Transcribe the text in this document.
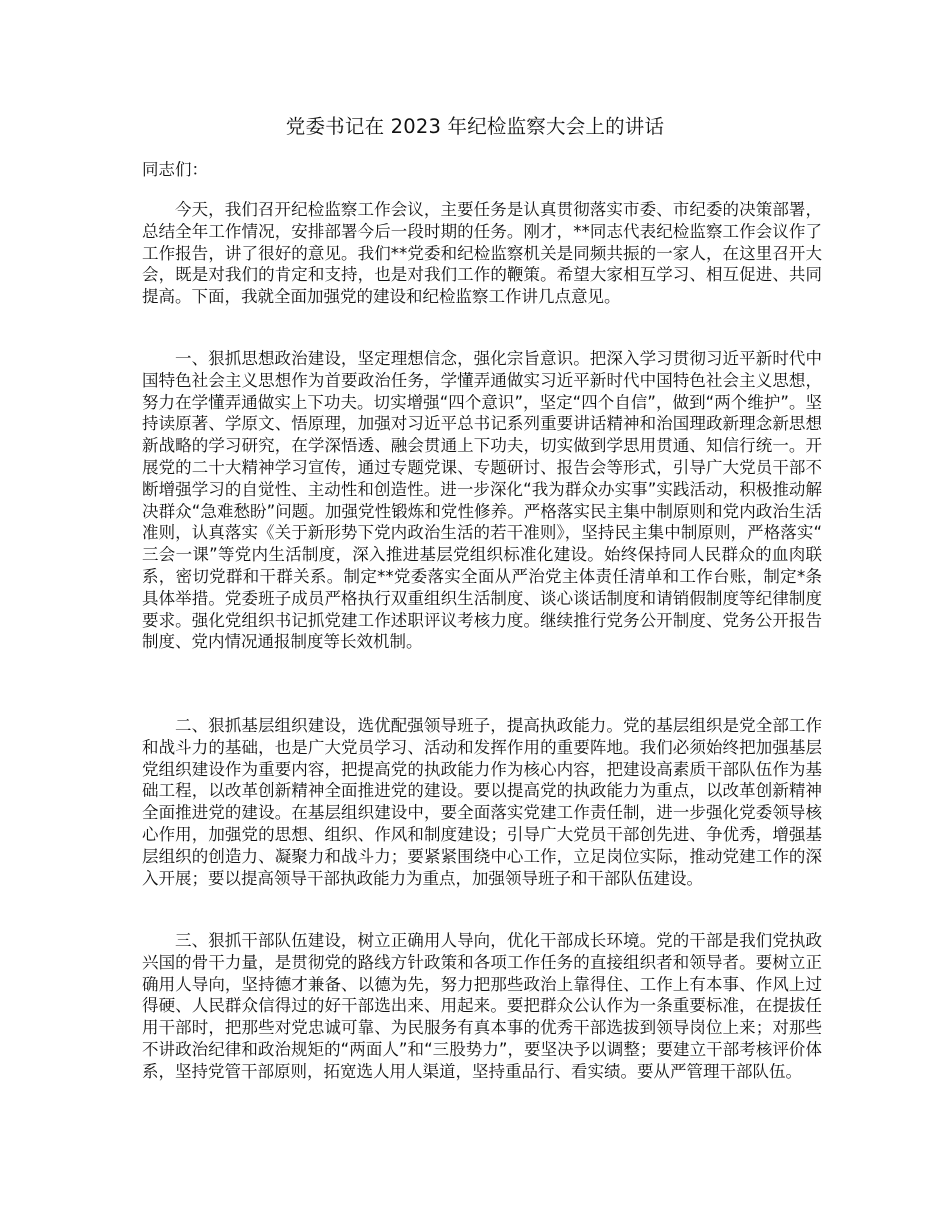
党委书记在 2023 年纪检监察大会上的讲话

同志们：

今天，我们召开纪检监察工作会议，主要任务是认真贯彻落实市委、市纪委的决策部署，总结全年工作情况，安排部署今后一段时期的任务。刚才，**同志代表纪检监察工作会议作了工作报告，讲了很好的意见。我们**党委和纪检监察机关是同频共振的一家人，在这里召开大会，既是对我们的肯定和支持，也是对我们工作的鞭策。希望大家相互学习、相互促进、共同提高。下面，我就全面加强党的建设和纪检监察工作讲几点意见。

一、狠抓思想政治建设，坚定理想信念，强化宗旨意识。把深入学习贯彻习近平新时代中国特色社会主义思想作为首要政治任务，学懂弄通做实习近平新时代中国特色社会主义思想，努力在学懂弄通做实上下功夫。切实增强“四个意识”，坚定“四个自信”，做到“两个维护”。坚持读原著、学原文、悟原理，加强对习近平总书记系列重要讲话精神和治国理政新理念新思想新战略的学习研究，在学深悟透、融会贯通上下功夫，切实做到学思用贯通、知信行统一。开展党的二十大精神学习宣传，通过专题党课、专题研讨、报告会等形式，引导广大党员干部不断增强学习的自觉性、主动性和创造性。进一步深化“我为群众办实事”实践活动，积极推动解决群众“急难愁盼”问题。加强党性锻炼和党性修养。严格落实民主集中制原则和党内政治生活准则，认真落实《关于新形势下党内政治生活的若干准则》，坚持民主集中制原则，严格落实“三会一课”等党内生活制度，深入推进基层党组织标准化建设。始终保持同人民群众的血肉联系，密切党群和干群关系。制定**党委落实全面从严治党主体责任清单和工作台账，制定*条具体举措。党委班子成员严格执行双重组织生活制度、谈心谈话制度和请销假制度等纪律制度要求。强化党组织书记抓党建工作述职评议考核力度。继续推行党务公开制度、党务公开报告制度、党内情况通报制度等长效机制。

二、狠抓基层组织建设，选优配强领导班子，提高执政能力。党的基层组织是党全部工作和战斗力的基础，也是广大党员学习、活动和发挥作用的重要阵地。我们必须始终把加强基层党组织建设作为重要内容，把提高党的执政能力作为核心内容，把建设高素质干部队伍作为基础工程，以改革创新精神全面推进党的建设。要以提高党的执政能力为重点，以改革创新精神全面推进党的建设。在基层组织建设中，要全面落实党建工作责任制，进一步强化党委领导核心作用，加强党的思想、组织、作风和制度建设；引导广大党员干部创先进、争优秀，增强基层组织的创造力、凝聚力和战斗力；要紧紧围绕中心工作，立足岗位实际，推动党建工作的深入开展；要以提高领导干部执政能力为重点，加强领导班子和干部队伍建设。

三、狠抓干部队伍建设，树立正确用人导向，优化干部成长环境。党的干部是我们党执政兴国的骨干力量，是贯彻党的路线方针政策和各项工作任务的直接组织者和领导者。要树立正确用人导向，坚持德才兼备、以德为先，努力把那些政治上靠得住、工作上有本事、作风上过得硬、人民群众信得过的好干部选出来、用起来。要把群众公认作为一条重要标准，在提拔任用干部时，把那些对党忠诚可靠、为民服务有真本事的优秀干部选拔到领导岗位上来；对那些不讲政治纪律和政治规矩的“两面人”和“三股势力”，要坚决予以调整；要建立干部考核评价体系，坚持党管干部原则，拓宽选人用人渠道，坚持重品行、看实绩。要从严管理干部队伍。
